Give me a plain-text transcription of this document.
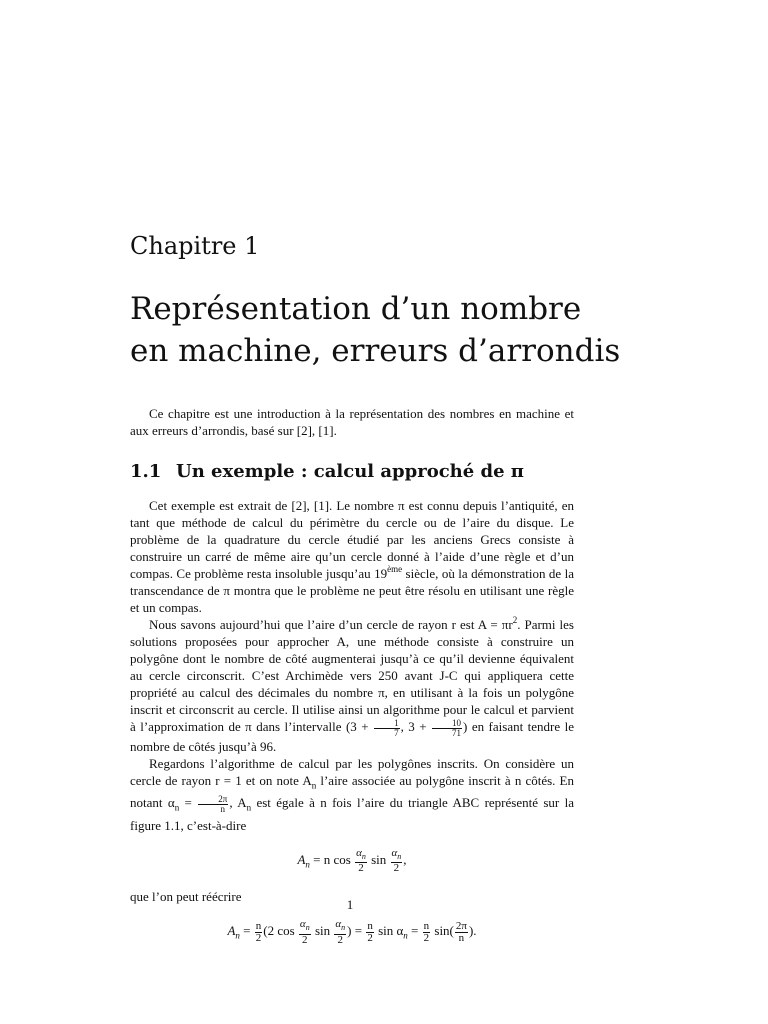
Chapitre 1
Représentation d’un nombre
en machine, erreurs d’arrondis
Ce chapitre est une introduction à la représentation des nombres en machine et aux erreurs d’arrondis, basé sur [2], [1].
1.1 Un exemple : calcul approché de π

Cet exemple est extrait de [2], [1]. Le nombre π est connu depuis l’antiquité, en tant que méthode de calcul du périmètre du cercle ou de l’aire du disque. Le problème de la quadrature du cercle étudié par les anciens Grecs consiste à construire un carré de même aire qu’un cercle donné à l’aide d’une règle et d’un compas. Ce problème resta insoluble jusqu’au 19ème siècle, où la démonstration de la transcendance de π montra que le problème ne peut être résolu en utilisant une règle et un compas.

Nous savons aujourd’hui que l’aire d’un cercle de rayon r est $A = \pi r^2$. Parmi les solutions proposées pour approcher A, une méthode consiste à construire un polygône dont le nombre de côté augmenterai jusqu’à ce qu’il devienne équivalent au cercle circonscrit. C’est Archimède vers 250 avant J-C qui appliquera cette propriété au calcul des décimales du nombre π, en utilisant à la fois un polygône inscrit et circonscrit au cercle. Il utilise ainsi un algorithme pour le calcul et parvient à l’approximation de π dans l’intervalle ($3 + \frac{1}{7}$ , $3 + \frac{10}{71}$ ) en faisant tendre le nombre de côtés jusqu’à 96.

Regardons l’algorithme de calcul par les polygônes inscrits. On considère un cercle de rayon r = 1 et on note $A_n$ l’aire associée au polygône inscrit à n côtés. En notant $\alpha_n = \frac{2\pi}{n}$ , $A_n$ est égale à n fois l’aire du triangle ABC représenté sur la figure 1.1, c’est-à-dire

$A_n = n$ $\cos \frac{\alpha_n}{2}$ $\sin \frac{\alpha_n}{2}$ ,

que l’on peut réécrire

$A_n = \frac{n}{2} (2$ $\cos \frac{\alpha_n}{2}$ $\sin \frac{\alpha_n}{2}$ ) = $\frac{n}{2}$ $\sin \alpha_n = \frac{n}{2} \sin( \frac{2\pi}{n}$ ).
1
